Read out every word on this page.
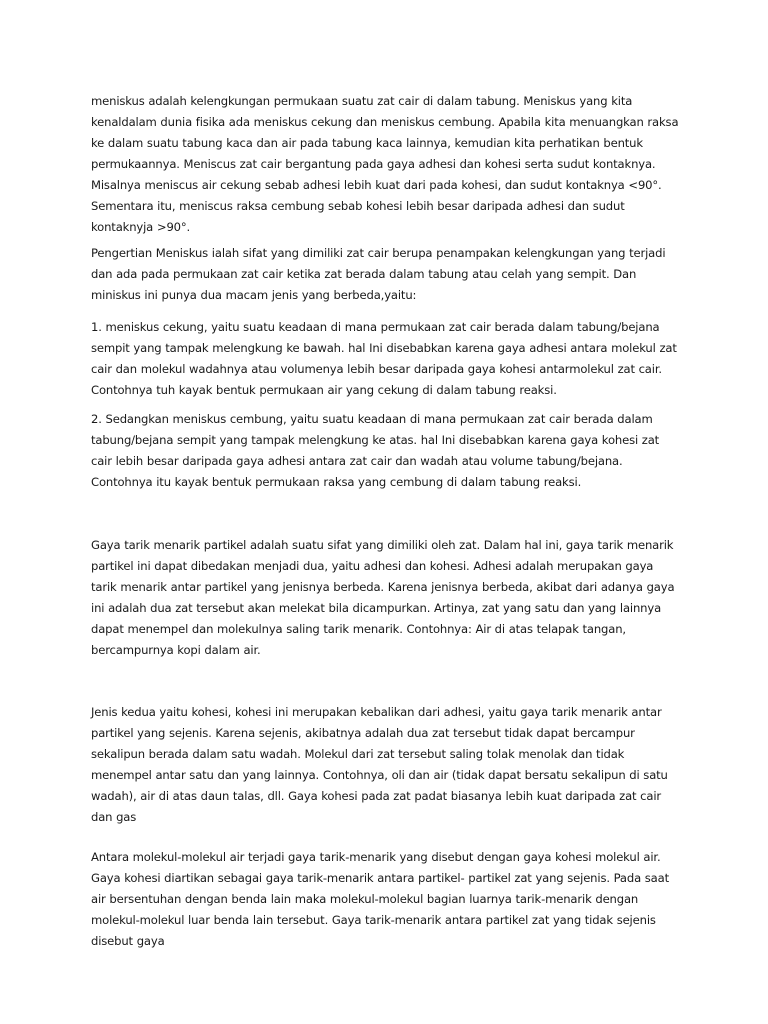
meniskus adalah kelengkungan permukaan suatu zat cair di dalam tabung. Meniskus yang kita kenaldalam dunia fisika ada meniskus cekung dan meniskus cembung. Apabila kita menuangkan raksa ke dalam suatu tabung kaca dan air pada tabung kaca lainnya, kemudian kita perhatikan bentuk permukaannya. Meniscus zat cair bergantung pada gaya adhesi dan kohesi serta sudut kontaknya. Misalnya meniscus air cekung sebab adhesi lebih kuat dari pada kohesi, dan sudut kontaknya <90°. Sementara itu, meniscus raksa cembung sebab kohesi lebih besar daripada adhesi dan sudut kontaknyja >90°.

Pengertian Meniskus ialah sifat yang dimiliki zat cair berupa penampakan kelengkungan yang terjadi dan ada pada permukaan zat cair ketika zat berada dalam tabung atau celah yang sempit. Dan miniskus ini punya dua macam jenis yang berbeda,yaitu:

1. meniskus cekung, yaitu suatu keadaan di mana permukaan zat cair berada dalam tabung/bejana sempit yang tampak melengkung ke bawah. hal Ini disebabkan karena gaya adhesi antara molekul zat cair dan molekul wadahnya atau volumenya lebih besar daripada gaya kohesi antarmolekul zat cair. Contohnya tuh kayak bentuk permukaan air yang cekung di dalam tabung reaksi.

2. Sedangkan meniskus cembung, yaitu suatu keadaan di mana permukaan zat cair berada dalam tabung/bejana sempit yang tampak melengkung ke atas. hal Ini disebabkan karena gaya kohesi zat cair lebih besar daripada gaya adhesi antara zat cair dan wadah atau volume tabung/bejana. Contohnya itu kayak bentuk permukaan raksa yang cembung di dalam tabung reaksi.

Gaya tarik menarik partikel adalah suatu sifat yang dimiliki oleh zat. Dalam hal ini, gaya tarik menarik partikel ini dapat dibedakan menjadi dua, yaitu adhesi dan kohesi. Adhesi adalah merupakan gaya tarik menarik antar partikel yang jenisnya berbeda. Karena jenisnya berbeda, akibat dari adanya gaya ini adalah dua zat tersebut akan melekat bila dicampurkan. Artinya, zat yang satu dan yang lainnya dapat menempel dan molekulnya saling tarik menarik. Contohnya: Air di atas telapak tangan, bercampurnya kopi dalam air.

Jenis kedua yaitu kohesi, kohesi ini merupakan kebalikan dari adhesi, yaitu gaya tarik menarik antar partikel yang sejenis. Karena sejenis, akibatnya adalah dua zat tersebut tidak dapat bercampur sekalipun berada dalam satu wadah. Molekul dari zat tersebut saling tolak menolak dan tidak menempel antar satu dan yang lainnya. Contohnya, oli dan air (tidak dapat bersatu sekalipun di satu wadah), air di atas daun talas, dll. Gaya kohesi pada zat padat biasanya lebih kuat daripada zat cair dan gas

Antara molekul-molekul air terjadi gaya tarik-menarik yang disebut dengan gaya kohesi molekul air. Gaya kohesi diartikan sebagai gaya tarik-menarik antara partikel- partikel zat yang sejenis. Pada saat air bersentuhan dengan benda lain maka molekul-molekul bagian luarnya tarik-menarik dengan molekul-molekul luar benda lain tersebut. Gaya tarik-menarik antara partikel zat yang tidak sejenis disebut gaya
